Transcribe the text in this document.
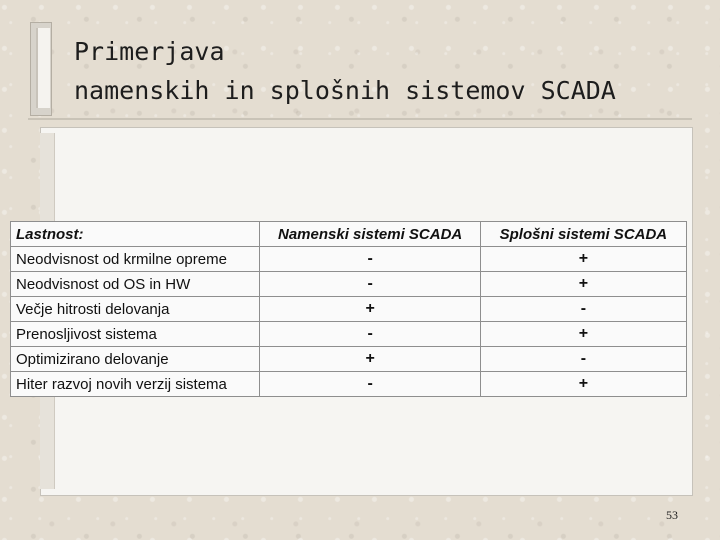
Primerjava
namenskih in splošnih sistemov SCADA
Lastnost:	Namenski sistemi SCADA	Splošni sistemi SCADA
Neodvisnost od krmilne opreme	-	+
Neodvisnost od OS in HW	-	+
Večje hitrosti delovanja	+	-
Prenosljivost sistema	-	+
Optimizirano delovanje	+	-
Hiter razvoj novih verzij sistema	-	+
53
